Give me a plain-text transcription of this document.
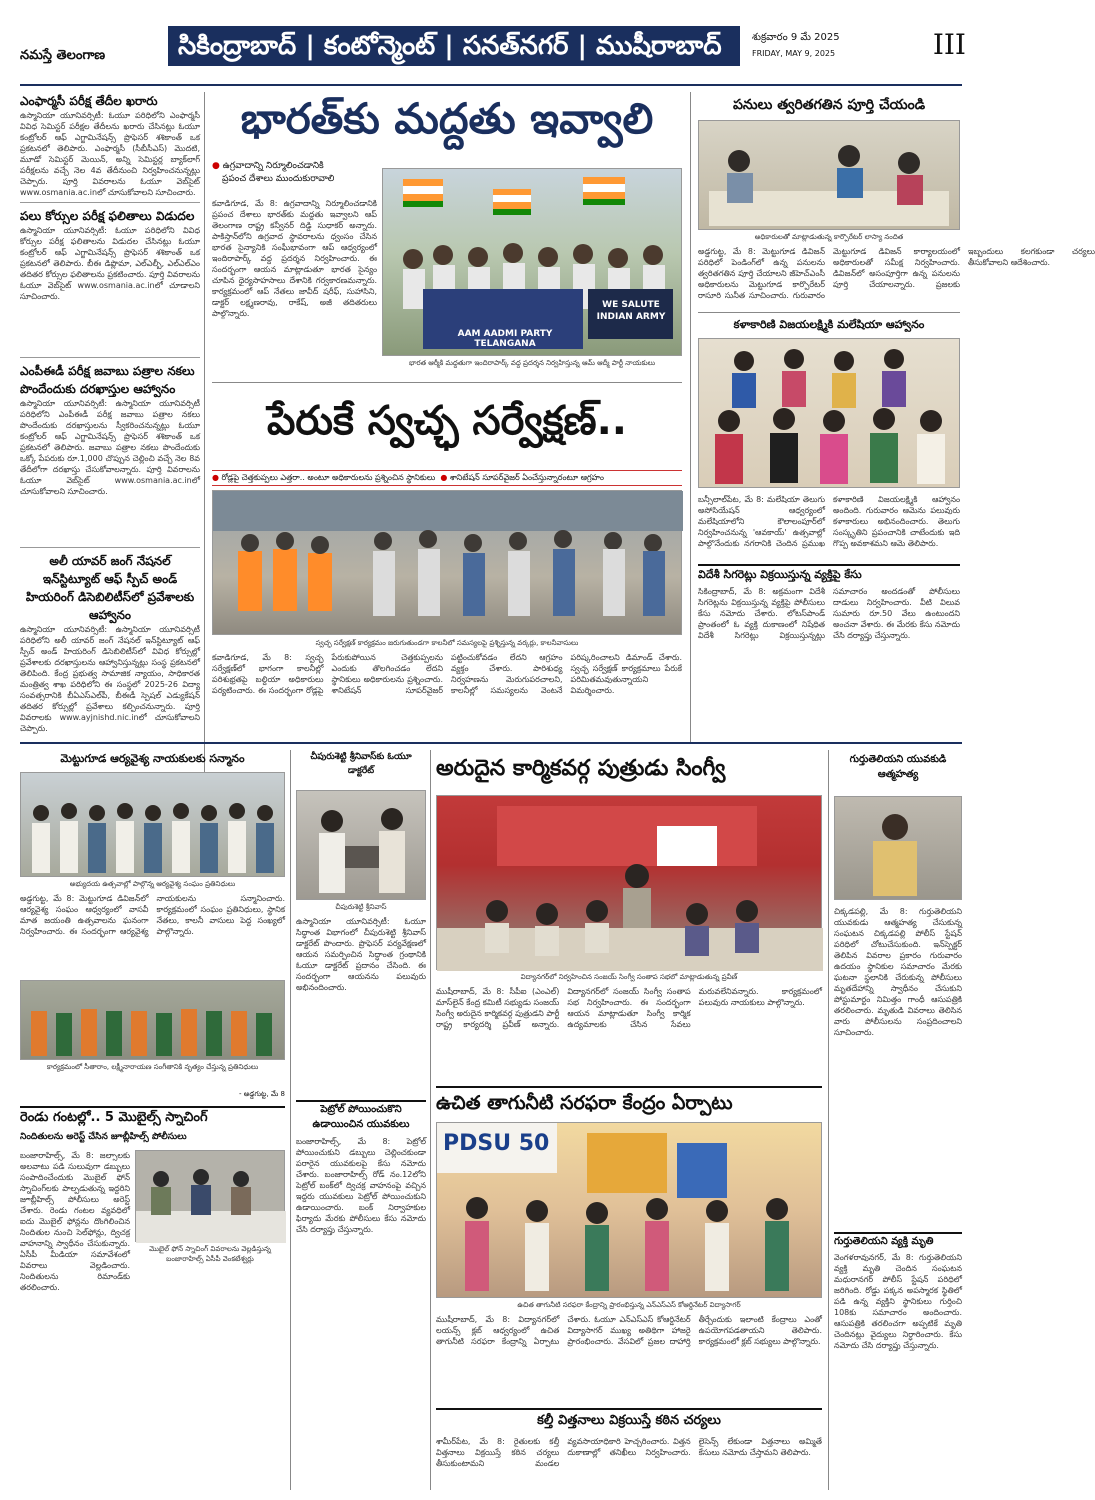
నమస్తే తెలంగాణ	సికింద్రాబాద్ | కంటోన్మెంట్ | సనత్‌నగర్ | ముషీరాబాద్	శుక్రవారం 9 మే 2025
FRIDAY, MAY 9, 2025	III
ఎంఫార్మసీ పరీక్ష తేదీల ఖరారు
ఉస్మానియా యూనివర్సిటీ: ఓయూ పరిధిలోని ఎంఫార్మసీ వివిధ సెమిస్టర్ పరీక్షల తేదీలను ఖరారు చేసినట్లు ఓయూ కంట్రోలర్ ఆఫ్ ఎగ్జామినేషన్స్ ప్రొఫెసర్ శశికాంత్ ఒక ప్రకటనలో తెలిపారు. ఎంఫార్మసీ (సీబీసీఎస్) మొదటి, మూడో సెమిస్టర్ మెయిన్, అన్ని సెమిస్టర్ల బ్యాక్‌లాగ్ పరీక్షలను వచ్చే నెల 4వ తేదీనుంచి నిర్వహించనున్నట్లు చెప్పారు. పూర్తి వివరాలను ఓయూ వెబ్‌సైట్ www.osmania.ac.inలో చూసుకోవాలని సూచించారు.
పలు కోర్సుల పరీక్ష ఫలితాలు విడుదల
ఉస్మానియా యూనివర్సిటీ: ఓయూ పరిధిలోని వివిధ కోర్సుల పరీక్ష ఫలితాలను విడుదల చేసినట్లు ఓయూ కంట్రోలర్ ఆఫ్ ఎగ్జామినేషన్స్ ప్రొఫెసర్ శశికాంత్ ఒక ప్రకటనలో తెలిపారు. బీఈ డిప్లొమా, ఎల్ఎల్బీ, ఎల్ఎల్ఎం తదితర కోర్సుల ఫలితాలను ప్రకటించారు. పూర్తి వివరాలను ఓయూ వెబ్‌సైట్ www.osmania.ac.inలో చూడాలని సూచించారు.
ఎంపీఈడీ పరీక్ష జవాబు పత్రాల నకలు పొందేందుకు దరఖాస్తుల ఆహ్వానం
ఉస్మానియా యూనివర్సిటీ: ఉస్మానియా యూనివర్సిటీ పరిధిలోని ఎంపీఈడీ పరీక్ష జవాబు పత్రాల నకలు పొందేందుకు దరఖాస్తులను స్వీకరించనున్నట్లు ఓయూ కంట్రోలర్ ఆఫ్ ఎగ్జామినేషన్స్ ప్రొఫెసర్ శశికాంత్ ఒక ప్రకటనలో తెలిపారు. జవాబు పత్రాల నకలు పొందేందుకు ఒక్కో పేపరుకు రూ.1,000 చొప్పున చెల్లించి వచ్చే నెల 8వ తేదీలోగా దరఖాస్తు చేసుకోవాలన్నారు. పూర్తి వివరాలను ఓయూ వెబ్‌సైట్ www.osmania.ac.inలో చూసుకోవాలని సూచించారు.
అలీ యావర్ జంగ్ నేషనల్ ఇన్‌స్టిట్యూట్ ఆఫ్ స్పీచ్ అండ్ హియరింగ్ డిసెబిలిటీస్‌లో ప్రవేశాలకు ఆహ్వానం
ఉస్మానియా యూనివర్సిటీ: ఉస్మానియా యూనివర్సిటీ పరిధిలోని అలీ యావర్ జంగ్ నేషనల్ ఇన్‌స్టిట్యూట్ ఆఫ్ స్పీచ్ అండ్ హియరింగ్ డిసెబిలిటీస్‌లో వివిధ కోర్సుల్లో ప్రవేశాలకు దరఖాస్తులను ఆహ్వానిస్తున్నట్లు సంస్థ ప్రకటనలో తెలిపింది. కేంద్ర ప్రభుత్వ సామాజిక న్యాయం, సాధికారత మంత్రిత్వ శాఖ పరిధిలోని ఈ సంస్థలో 2025-26 విద్యా సంవత్సరానికి బీఏఎస్ఎల్‌పీ, బీఈడీ స్పెషల్ ఎడ్యుకేషన్ తదితర కోర్సుల్లో ప్రవేశాలు కల్పించనున్నారు. పూర్తి వివరాలకు www.ayjnishd.nic.inలో చూసుకోవాలని చెప్పారు.
భారత్‌కు మద్దతు ఇవ్వాలి
● ఉగ్రవాదాన్ని నిర్మూలించడానికి
ప్రపంచ దేశాలు ముందుకురావాలి
కవాడిగూడ, మే 8: ఉగ్రవాదాన్ని నిర్మూలించడానికి ప్రపంచ దేశాలు భారత్‌కు మద్దతు ఇవ్వాలని ఆప్ తెలంగాణ రాష్ట్ర కన్వీనర్ దిడ్డి సుధాకర్ అన్నారు. పాకిస్తాన్‌లోని ఉగ్రవాద స్థావరాలను ధ్వంసం చేసిన భారత సైన్యానికి సంఘీభావంగా ఆప్ ఆధ్వర్యంలో ఇందిరాపార్క్ వద్ద ప్రదర్శన నిర్వహించారు. ఈ సందర్భంగా ఆయన మాట్లాడుతూ భారత సైన్యం చూపిన ధైర్యసాహసాలు దేశానికి గర్వకారణమన్నారు. కార్యక్రమంలో ఆప్ నేతలు జావీద్ షరీఫ్, సుహాసిని, డాక్టర్ లక్ష్మణరావు, రాకేష్, అజీ తదితరులు పాల్గొన్నారు.
AAM AADMI PARTY TELANGANA
WE SALUTE INDIAN ARMY
భారత ఆర్మీకి మద్దతుగా ఇందిరాపార్క్ వద్ద ప్రదర్శన నిర్వహిస్తున్న ఆమ్ ఆద్మీ పార్టీ నాయకులు
పేరుకే స్వచ్ఛ సర్వేక్షణ్..
● రోడ్లపై చెత్తకుప్పలు ఎత్తరా.. అంటూ అధికారులను ప్రశ్నించిన స్థానికులు ● శానిటేషన్ సూపర్‌వైజర్ ఏంచేస్తున్నారంటూ ఆగ్రహం
స్వచ్ఛ సర్వేక్షణ్ కార్యక్రమం జరుగుతుండగా కాలనీలో సమస్యలపై ప్రశ్నిస్తున్న వర్కర్లు, కాలనీవాసులు
కవాడిగూడ, మే 8: స్వచ్ఛ సర్వేక్షణ్‌లో భాగంగా కాలనీల్లో పరిశుభ్రతపై బల్దియా అధికారులు పర్యటించారు. ఈ సందర్భంగా రోడ్లపై పేరుకుపోయిన చెత్తకుప్పలను ఎందుకు తొలగించడం లేదని స్థానికులు అధికారులను ప్రశ్నించారు. శానిటేషన్ సూపర్‌వైజర్ పట్టించుకోవడం లేదని ఆగ్రహం వ్యక్తం చేశారు. పారిశుధ్య నిర్వహణను మెరుగుపరచాలని, కాలనీల్లో సమస్యలను వెంటనే పరిష్కరించాలని డిమాండ్ చేశారు. స్వచ్ఛ సర్వేక్షణ్ కార్యక్రమాలు పేరుకే పరిమితమవుతున్నాయని విమర్శించారు.
పనులు త్వరితగతిన పూర్తి చేయండి
అధికారులతో మాట్లాడుతున్న కార్పొరేటర్ లాస్యా నందిత
అడ్డగుట్ట, మే 8: మెట్టుగూడ డివిజన్ పరిధిలో పెండింగ్‌లో ఉన్న పనులను త్వరితగతిన పూర్తి చేయాలని జీహెచ్ఎంసీ అధికారులను మెట్టుగూడ కార్పొరేటర్ రాసూరి సునీత సూచించారు. గురువారం మెట్టుగూడ డివిజన్ కార్యాలయంలో అధికారులతో సమీక్ష నిర్వహించారు. డివిజన్‌లో అసంపూర్తిగా ఉన్న పనులను పూర్తి చేయాలన్నారు. ప్రజలకు ఇబ్బందులు కలగకుండా చర్యలు తీసుకోవాలని ఆదేశించారు.
కళాకారిణి విజయలక్ష్మికి మలేషియా ఆహ్వానం
బన్సీలాల్‌పేట, మే 8: మలేషియా తెలుగు అసోసియేషన్ ఆధ్వర్యంలో మలేషియాలోని కౌలాలంపూర్‌లో నిర్వహించనున్న 'ఆవకాయ్' ఉత్సవాల్లో పాల్గొనేందుకు నగరానికి చెందిన ప్రముఖ కళాకారిణి విజయలక్ష్మికి ఆహ్వానం అందింది. గురువారం ఆమెను పలువురు కళాకారులు అభినందించారు. తెలుగు సంస్కృతిని ప్రపంచానికి చాటేందుకు ఇది గొప్ప అవకాశమని ఆమె తెలిపారు.
విదేశీ సిగరెట్లు విక్రయిస్తున్న వ్యక్తిపై కేసు
సికింద్రాబాద్, మే 8: అక్రమంగా విదేశీ సిగరెట్లను విక్రయిస్తున్న వ్యక్తిపై పోలీసులు కేసు నమోదు చేశారు. లోటస్‌పాండ్ ప్రాంతంలో ఓ వ్యక్తి దుకాణంలో నిషేధిత విదేశీ సిగరెట్లు విక్రయిస్తున్నట్లు సమాచారం అందడంతో పోలీసులు దాడులు నిర్వహించారు. వీటి విలువ సుమారు రూ.50 వేలు ఉంటుందని అంచనా వేశారు. ఈ మేరకు కేసు నమోదు చేసి దర్యాప్తు చేస్తున్నారు.
మెట్టుగూడ ఆర్యవైశ్య నాయకులకు సన్మానం
అభ్యుదయ ఉత్సవాల్లో పాల్గొన్న ఆర్యవైశ్య సంఘం ప్రతినిధులు
అడ్డగుట్ట, మే 8: మెట్టుగూడ డివిజన్‌లో ఆర్యవైశ్య సంఘం ఆధ్వర్యంలో వాసవీ మాత జయంతి ఉత్సవాలను ఘనంగా నిర్వహించారు. ఈ సందర్భంగా ఆర్యవైశ్య నాయకులను సన్మానించారు. కార్యక్రమంలో సంఘం ప్రతినిధులు, స్థానిక నేతలు, కాలనీ వాసులు పెద్ద సంఖ్యలో పాల్గొన్నారు.
కార్యక్రమంలో సీతారాం, లక్ష్మీనారాయణ సంగీతానికి నృత్యం చేస్తున్న ప్రతినిధులు
- అడ్డగుట్ట, మే 8
రెండు గంటల్లో.. 5 మొబైల్స్ స్నాచింగ్
నిందితులను అరెస్ట్ చేసిన జూబ్లీహిల్స్ పోలీసులు
మొబైల్ ఫోన్ స్నాచింగ్ వివరాలను వెల్లడిస్తున్న బంజారాహిల్స్ ఏసీపీ వెంకటేశ్వర్లు
బంజారాహిల్స్, మే 8: జల్సాలకు అలవాటు పడి సులువుగా డబ్బులు సంపాదించేందుకు మొబైల్ ఫోన్ స్నాచింగ్‌లకు పాల్పడుతున్న ఇద్దరిని జూబ్లీహిల్స్ పోలీసులు అరెస్ట్ చేశారు. రెండు గంటల వ్యవధిలో ఐదు మొబైల్ ఫోన్లను దొంగిలించిన నిందితుల నుంచి సెల్‌ఫోన్లు, ద్విచక్ర వాహనాన్ని స్వాధీనం చేసుకున్నారు. ఏసీపీ మీడియా సమావేశంలో వివరాలు వెల్లడించారు. నిందితులను రిమాండ్‌కు తరలించారు.
చీపురుశెట్టి శ్రీనివాస్‌కు ఓయూ డాక్టరేట్
చీపురుశెట్టి శ్రీనివాస్
ఉస్మానియా యూనివర్సిటీ: ఓయూ సిద్ధాంత విభాగంలో చీపురుశెట్టి శ్రీనివాస్ డాక్టరేట్ పొందారు. ప్రొఫెసర్ పర్యవేక్షణలో ఆయన సమర్పించిన సిద్ధాంత గ్రంథానికి ఓయూ డాక్టరేట్ ప్రదానం చేసింది. ఈ సందర్భంగా ఆయనను పలువురు అభినందించారు.
పెట్రోల్ పోయించుకొని ఉడాయించిన యువకులు
బంజారాహిల్స్, మే 8: పెట్రోల్ పోయించుకుని డబ్బులు చెల్లించకుండా పరారైన యువకులపై కేసు నమోదు చేశారు. బంజారాహిల్స్ రోడ్ నం.12లోని పెట్రోల్ బంక్‌లో ద్విచక్ర వాహనంపై వచ్చిన ఇద్దరు యువకులు పెట్రోల్ పోయించుకుని ఉడాయించారు. బంక్ నిర్వాహకుల ఫిర్యాదు మేరకు పోలీసులు కేసు నమోదు చేసి దర్యాప్తు చేస్తున్నారు.
అరుదైన కార్మికవర్గ పుత్రుడు సింగ్వీ
విద్యానగర్‌లో నిర్వహించిన సంజయ్ సింగ్వీ సంతాప సభలో మాట్లాడుతున్న ప్రవీణ్
ముషీరాబాద్, మే 8: సీపీఐ (ఎంఎల్) మాస్‌లైన్ కేంద్ర కమిటీ సభ్యుడు సంజయ్ సింగ్వీ అరుదైన కార్మికవర్గ పుత్రుడని పార్టీ రాష్ట్ర కార్యదర్శి ప్రవీణ్ అన్నారు. విద్యానగర్‌లో సంజయ్ సింగ్వీ సంతాప సభ నిర్వహించారు. ఈ సందర్భంగా ఆయన మాట్లాడుతూ సింగ్వీ కార్మిక ఉద్యమాలకు చేసిన సేవలు మరువలేనివన్నారు. కార్యక్రమంలో పలువురు నాయకులు పాల్గొన్నారు.
ఉచిత తాగునీటి సరఫరా కేంద్రం ఏర్పాటు
PDSU 50
ఉచిత తాగునీటి సరఫరా కేంద్రాన్ని ప్రారంభిస్తున్న ఎన్ఎస్ఎస్ కోఆర్డినేటర్ విద్యాసాగర్
ముషీరాబాద్, మే 8: విద్యానగర్‌లో లయన్స్ క్లబ్ ఆధ్వర్యంలో ఉచిత తాగునీటి సరఫరా కేంద్రాన్ని ఏర్పాటు చేశారు. ఓయూ ఎన్ఎస్ఎస్ కోఆర్డినేటర్ విద్యాసాగర్ ముఖ్య అతిథిగా హాజరై ప్రారంభించారు. వేసవిలో ప్రజల దాహార్తి తీర్చేందుకు ఇలాంటి కేంద్రాలు ఎంతో ఉపయోగపడతాయని తెలిపారు. కార్యక్రమంలో క్లబ్ సభ్యులు పాల్గొన్నారు.
కల్తీ విత్తనాలు విక్రయిస్తే కఠిన చర్యలు
శామీర్‌పేట, మే 8: రైతులకు కల్తీ విత్తనాలు విక్రయిస్తే కఠిన చర్యలు తీసుకుంటామని మండల వ్యవసాయాధికారి హెచ్చరించారు. విత్తన దుకాణాల్లో తనిఖీలు నిర్వహించారు. లైసెన్స్ లేకుండా విత్తనాలు అమ్మితే కేసులు నమోదు చేస్తామని తెలిపారు.
గుర్తుతెలియని యువకుడి ఆత్మహత్య
చిక్కడపల్లి, మే 8: గుర్తుతెలియని యువకుడు ఆత్మహత్య చేసుకున్న సంఘటన చిక్కడపల్లి పోలీస్ స్టేషన్ పరిధిలో చోటుచేసుకుంది. ఇన్‌స్పెక్టర్ తెలిపిన వివరాల ప్రకారం గురువారం ఉదయం స్థానికుల సమాచారం మేరకు ఘటనా స్థలానికి చేరుకున్న పోలీసులు మృతదేహాన్ని స్వాధీనం చేసుకుని పోస్టుమార్టం నిమిత్తం గాంధీ ఆసుపత్రికి తరలించారు. మృతుడి వివరాలు తెలిసిన వారు పోలీసులను సంప్రదించాలని సూచించారు.
గుర్తుతెలియని వ్యక్తి మృతి
వెంగళరావునగర్, మే 8: గుర్తుతెలియని వ్యక్తి మృతి చెందిన సంఘటన మధురానగర్ పోలీస్ స్టేషన్ పరిధిలో జరిగింది. రోడ్డు పక్కన అపస్మారక స్థితిలో పడి ఉన్న వ్యక్తిని స్థానికులు గుర్తించి 108కు సమాచారం అందించారు. ఆసుపత్రికి తరలించగా అప్పటికే మృతి చెందినట్లు వైద్యులు నిర్ధారించారు. కేసు నమోదు చేసి దర్యాప్తు చేస్తున్నారు.
